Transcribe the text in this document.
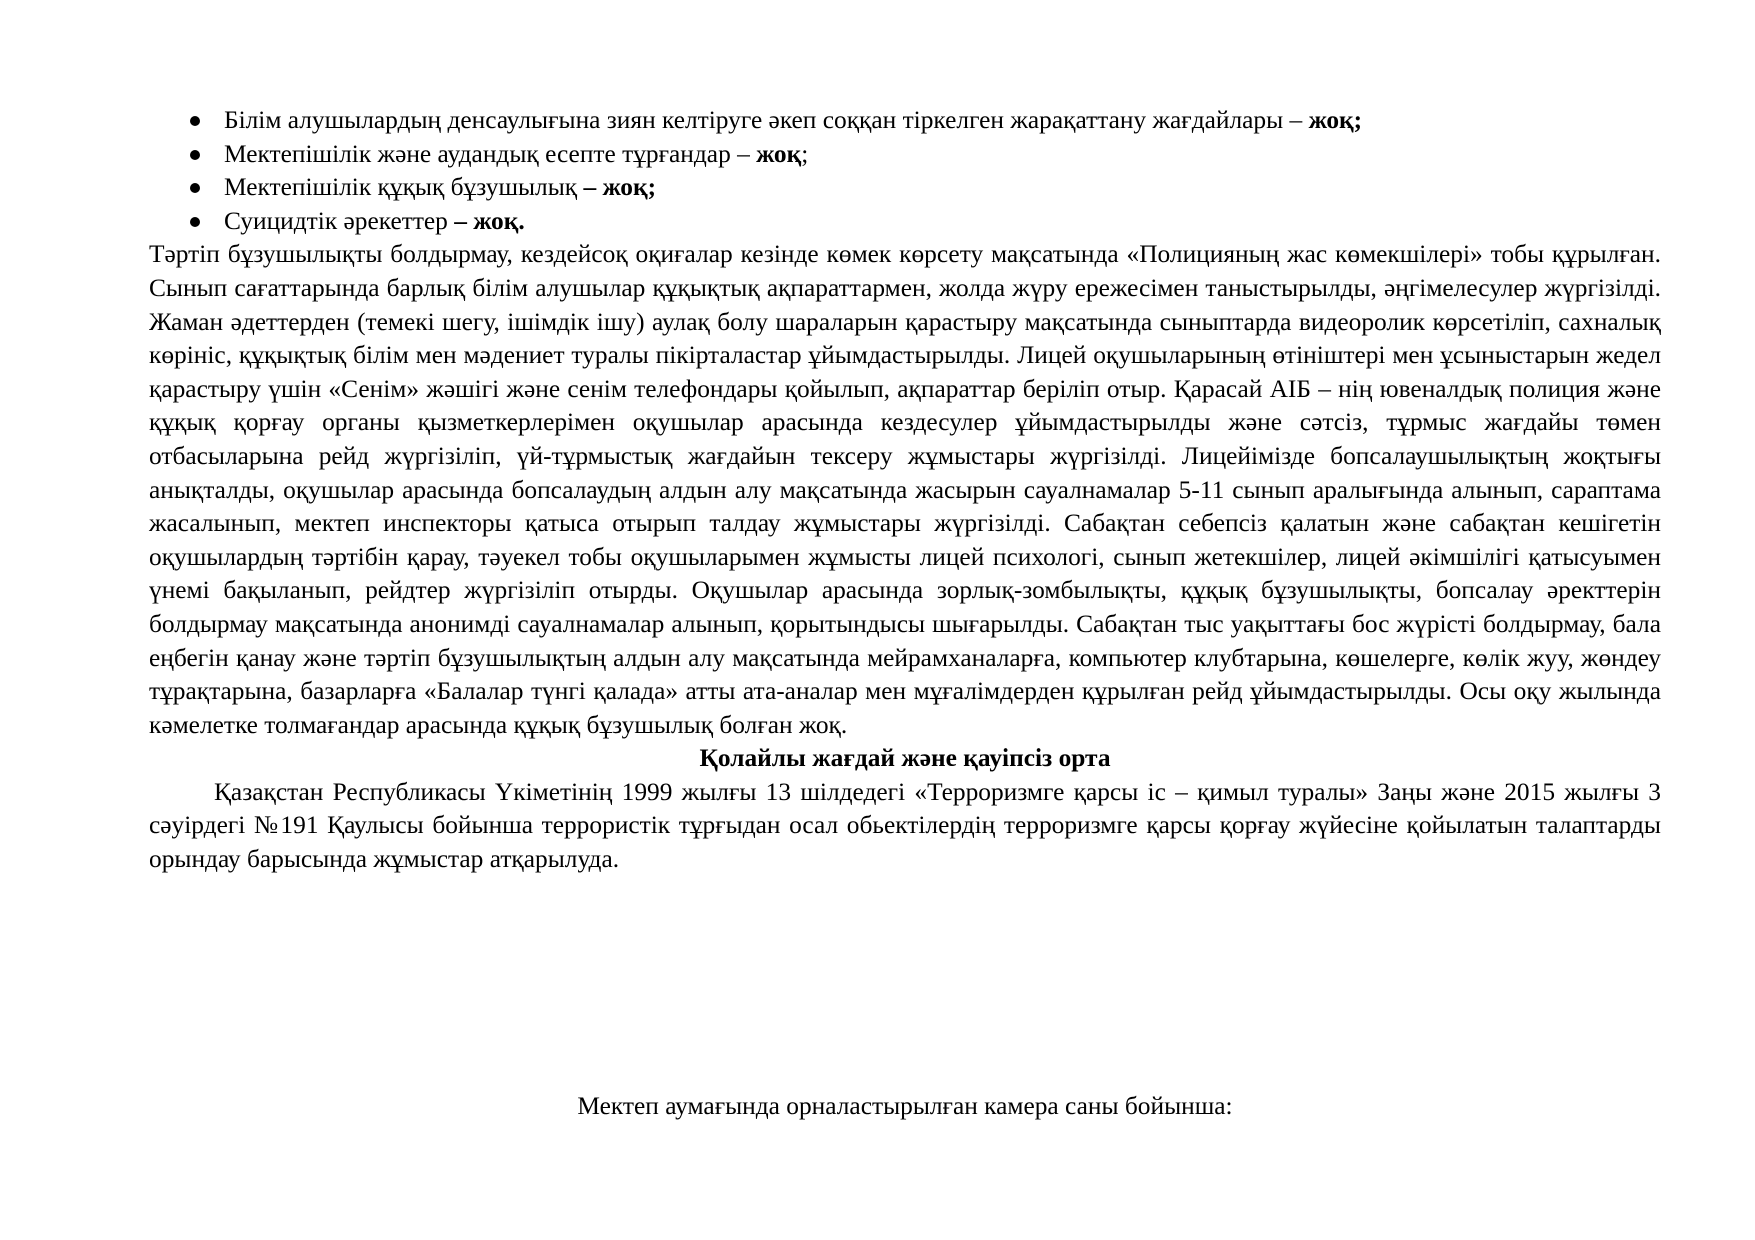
Білім алушылардың денсаулығына зиян келтіруге әкеп соққан тіркелген жарақаттану жағдайлары – жоқ;
Мектепішілік және аудандық есепте тұрғандар – жоқ;
Мектепішілік құқық бұзушылық – жоқ;
Суицидтік әрекеттер – жоқ.

Тәртіп бұзушылықты болдырмау, кездейсоқ оқиғалар кезінде көмек көрсету мақсатында «Полицияның жас көмекшілері» тобы құрылған. Сынып сағаттарында барлық білім алушылар құқықтық ақпараттармен, жолда жүру ережесімен таныстырылды, әңгімелесулер жүргізілді. Жаман әдеттерден (темекі шегу, ішімдік ішу) аулақ болу шараларын қарастыру мақсатында сыныптарда видеоролик көрсетіліп, сахналық көрініс, құқықтық білім мен мәдениет туралы пікірталастар ұйымдастырылды. Лицей оқушыларының өтініштері мен ұсыныстарын жедел қарастыру үшін «Сенім» жәшігі және сенім телефондары қойылып, ақпараттар беріліп отыр. Қарасай АІБ – нің ювеналдық полиция және құқық қорғау органы қызметкерлерімен оқушылар арасында кездесулер ұйымдастырылды және сәтсіз, тұрмыс жағдайы төмен отбасыларына рейд жүргізіліп, үй-тұрмыстық жағдайын тексеру жұмыстары жүргізілді. Лицейімізде бопсалаушылықтың жоқтығы анықталды, оқушылар арасында бопсалаудың алдын алу мақсатында жасырын сауалнамалар 5-11 сынып аралығында алынып, сараптама жасалынып, мектеп инспекторы қатыса отырып талдау жұмыстары жүргізілді. Сабақтан себепсіз қалатын және сабақтан кешігетін оқушылардың тәртібін қарау, тәуекел тобы оқушыларымен жұмысты лицей психологі, сынып жетекшілер, лицей әкімшілігі қатысуымен үнемі бақыланып, рейдтер жүргізіліп отырды. Оқушылар арасында зорлық-зомбылықты, құқық бұзушылықты, бопсалау әректтерін болдырмау мақсатында анонимді сауалнамалар алынып, қорытындысы шығарылды. Сабақтан тыс уақыттағы бос жүрісті болдырмау, бала еңбегін қанау және тәртіп бұзушылықтың алдын алу мақсатында мейрамханаларға, компьютер клубтарына, көшелерге, көлік жуу, жөндеу тұрақтарына, базарларға «Балалар түнгі қалада» атты ата-аналар мен мұғалімдерден құрылған рейд ұйымдастырылды. Осы оқу жылында кәмелетке толмағандар арасында құқық бұзушылық болған жоқ.

Қолайлы жағдай және қауіпсіз орта

Қазақстан Республикасы Үкіметінің 1999 жылғы 13 шілдедегі «Терроризмге қарсы іс – қимыл туралы» Заңы және 2015 жылғы 3 сәуірдегі №191 Қаулысы бойынша террористік тұрғыдан осал обьектілердің терроризмге қарсы қорғау жүйесіне қойылатын талаптарды орындау барысында жұмыстар атқарылуда.

Мектеп аумағында орналастырылған камера саны бойынша:
